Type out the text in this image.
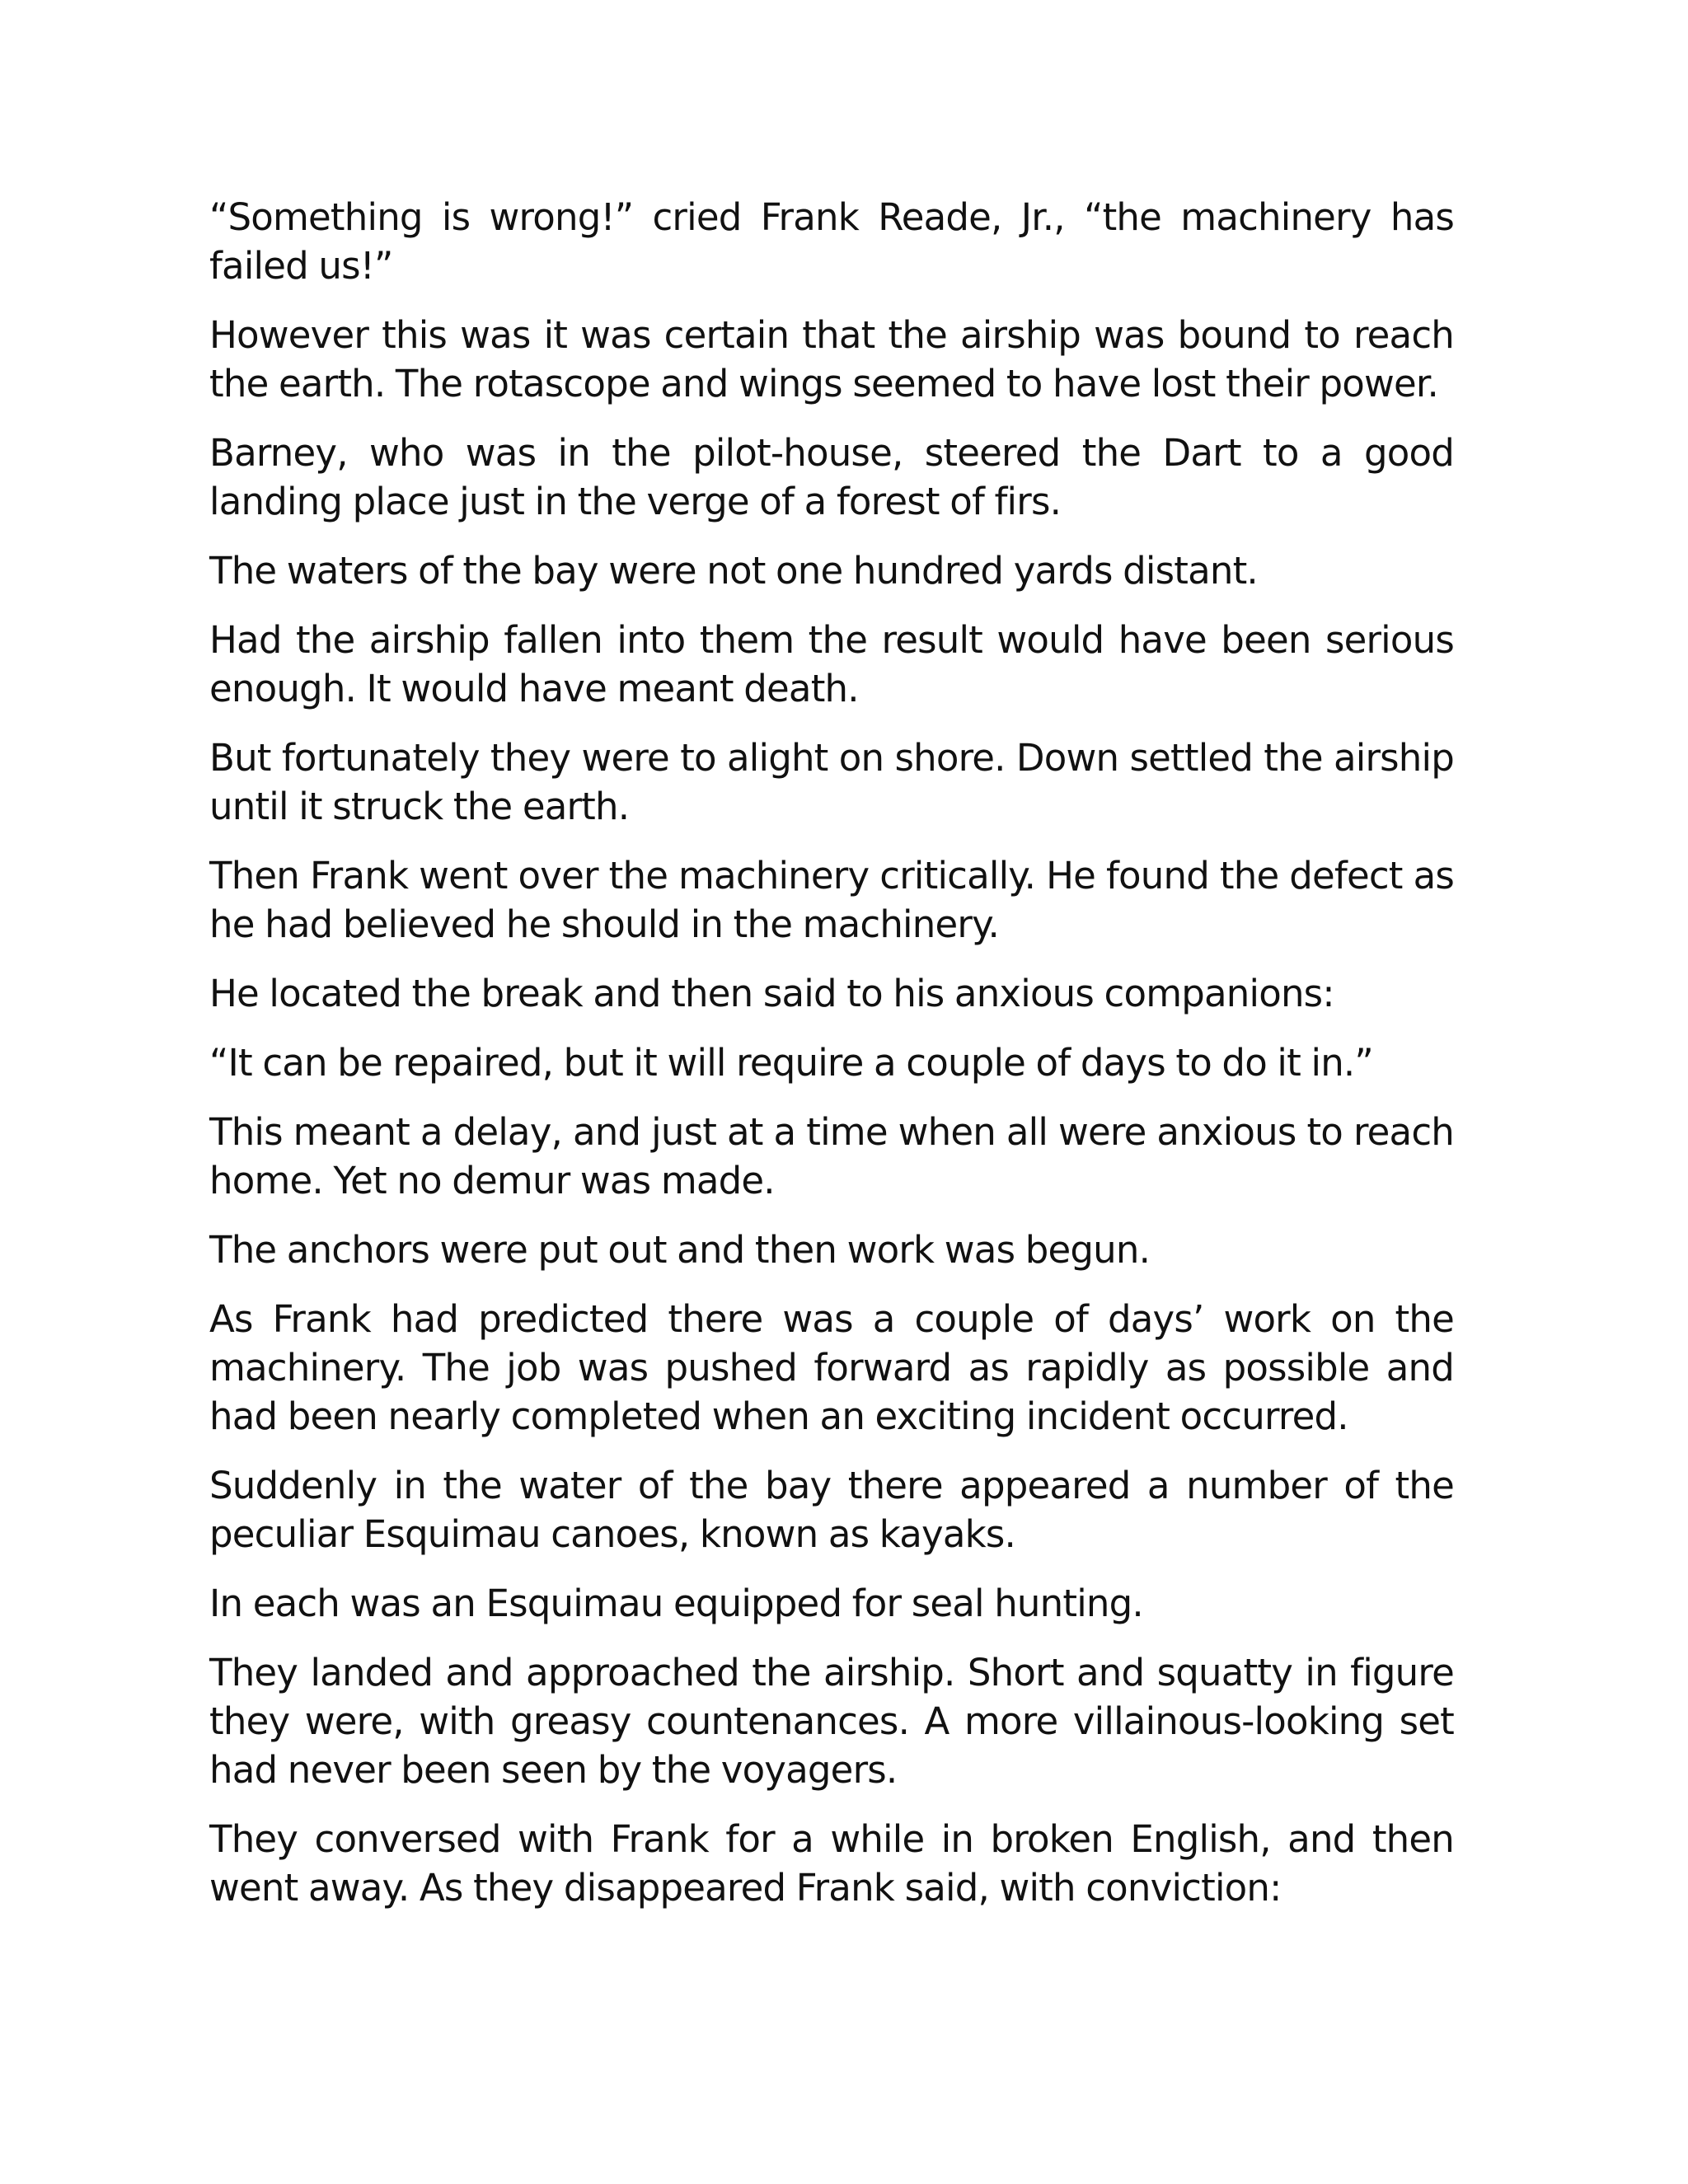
“Something is wrong!” cried Frank Reade, Jr., “the machinery has failed us!”

However this was it was certain that the airship was bound to reach the earth. The rotascope and wings seemed to have lost their power.

Barney, who was in the pilot-house, steered the Dart to a good landing place just in the verge of a forest of firs.

The waters of the bay were not one hundred yards distant.

Had the airship fallen into them the result would have been serious enough. It would have meant death.

But fortunately they were to alight on shore. Down settled the airship until it struck the earth.

Then Frank went over the machinery critically. He found the defect as he had believed he should in the machinery.

He located the break and then said to his anxious companions:

“It can be repaired, but it will require a couple of days to do it in.”

This meant a delay, and just at a time when all were anxious to reach home. Yet no demur was made.

The anchors were put out and then work was begun.

As Frank had predicted there was a couple of days’ work on the machinery. The job was pushed forward as rapidly as possible and had been nearly completed when an exciting incident occurred.

Suddenly in the water of the bay there appeared a number of the peculiar Esquimau canoes, known as kayaks.

In each was an Esquimau equipped for seal hunting.

They landed and approached the airship. Short and squatty in figure they were, with greasy countenances. A more villainous-looking set had never been seen by the voyagers.

They conversed with Frank for a while in broken English, and then went away. As they disappeared Frank said, with conviction:
